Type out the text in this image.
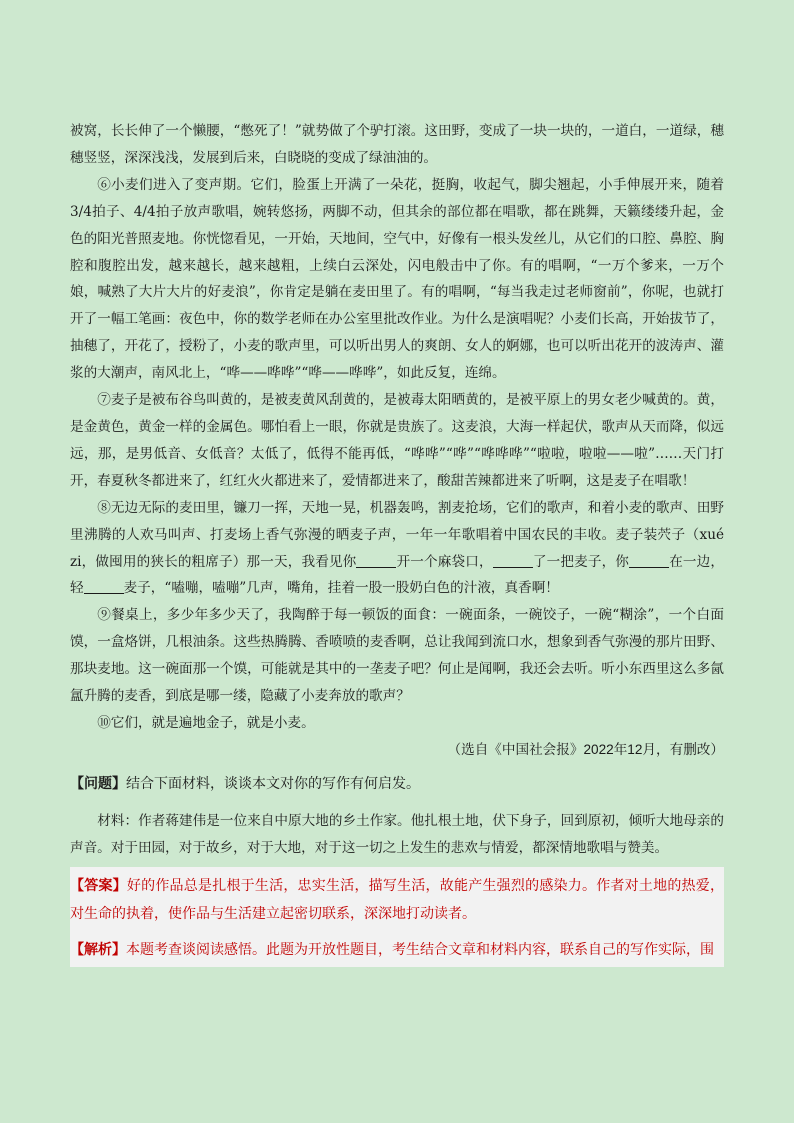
被窝，长长伸了一个懒腰，“憋死了！”就势做了个驴打滚。这田野，变成了一块一块的，一道白，一道绿，穗穗竖竖，深深浅浅，发展到后来，白晓晓的变成了绿油油的。

⑥小麦们进入了变声期。它们，脸蛋上开满了一朵花，挺胸，收起气，脚尖翘起，小手伸展开来，随着3/4拍子、4/4拍子放声歌唱，婉转悠扬，两脚不动，但其余的部位都在唱歌，都在跳舞，天籁缕缕升起，金色的阳光普照麦地。你恍惚看见，一开始，天地间，空气中，好像有一根头发丝儿，从它们的口腔、鼻腔、胸腔和腹腔出发，越来越长，越来越粗，上续白云深处，闪电般击中了你。有的唱啊，“一万个爹来，一万个娘，喊熟了大片大片的好麦浪”，你肯定是躺在麦田里了。有的唱啊，“每当我走过老师窗前”，你呢，也就打开了一幅工笔画：夜色中，你的数学老师在办公室里批改作业。为什么是演唱呢？小麦们长高，开始拔节了，抽穗了，开花了，授粉了，小麦的歌声里，可以听出男人的爽朗、女人的婀娜，也可以听出花开的波涛声、灌浆的大潮声，南风北上，“哗——哗哗”“哗——哗哗”，如此反复，连绵。

⑦麦子是被布谷鸟叫黄的，是被麦黄风刮黄的，是被毒太阳晒黄的，是被平原上的男女老少喊黄的。黄，是金黄色，黄金一样的金属色。哪怕看上一眼，你就是贵族了。这麦浪，大海一样起伏，歌声从天而降，似远远，那，是男低音、女低音？太低了，低得不能再低，“哗哗”“哗”“哗哗哗”“啦啦，啦啦——啦”……天门打开，春夏秋冬都进来了，红红火火都进来了，爱情都进来了，酸甜苦辣都进来了听啊，这是麦子在唱歌！

⑧无边无际的麦田里，镰刀一挥，天地一晃，机器轰鸣，割麦抢场，它们的歌声，和着小麦的歌声、田野里沸腾的人欢马叫声、打麦场上香气弥漫的晒麦子声，一年一年歌唱着中国农民的丰收。麦子装茓子（xué zi，做囤用的狭长的粗席子）那一天，我看见你	开一个麻袋口，	了一把麦子，你	在一边，轻	麦子，“嗑嘣，嗑嘣”几声，嘴角，挂着一股一股奶白色的汁液，真香啊！

⑨餐桌上，多少年多少天了，我陶醉于每一顿饭的面食：一碗面条，一碗饺子，一碗“糊涂”，一个白面馍，一盒烙饼，几根油条。这些热腾腾、香喷喷的麦香啊，总让我闻到流口水，想象到香气弥漫的那片田野、那块麦地。这一碗面那一个馍，可能就是其中的一垄麦子吧？何止是闻啊，我还会去听。听小东西里这么多氤氲升腾的麦香，到底是哪一缕，隐藏了小麦奔放的歌声？

⑩它们，就是遍地金子，就是小麦。

（选自《中国社会报》2022年12月，有删改）

【问题】结合下面材料，谈谈本文对你的写作有何启发。

材料：作者蒋建伟是一位来自中原大地的乡土作家。他扎根土地，伏下身子，回到原初，倾听大地母亲的声音。对于田园，对于故乡，对于大地，对于这一切之上发生的悲欢与情爱，都深情地歌唱与赞美。

【答案】好的作品总是扎根于生活，忠实生活，描写生活，故能产生强烈的感染力。作者对土地的热爱，对生命的执着，使作品与生活建立起密切联系，深深地打动读者。

【解析】本题考查谈阅读感悟。此题为开放性题目，考生结合文章和材料内容，联系自己的写作实际，围
